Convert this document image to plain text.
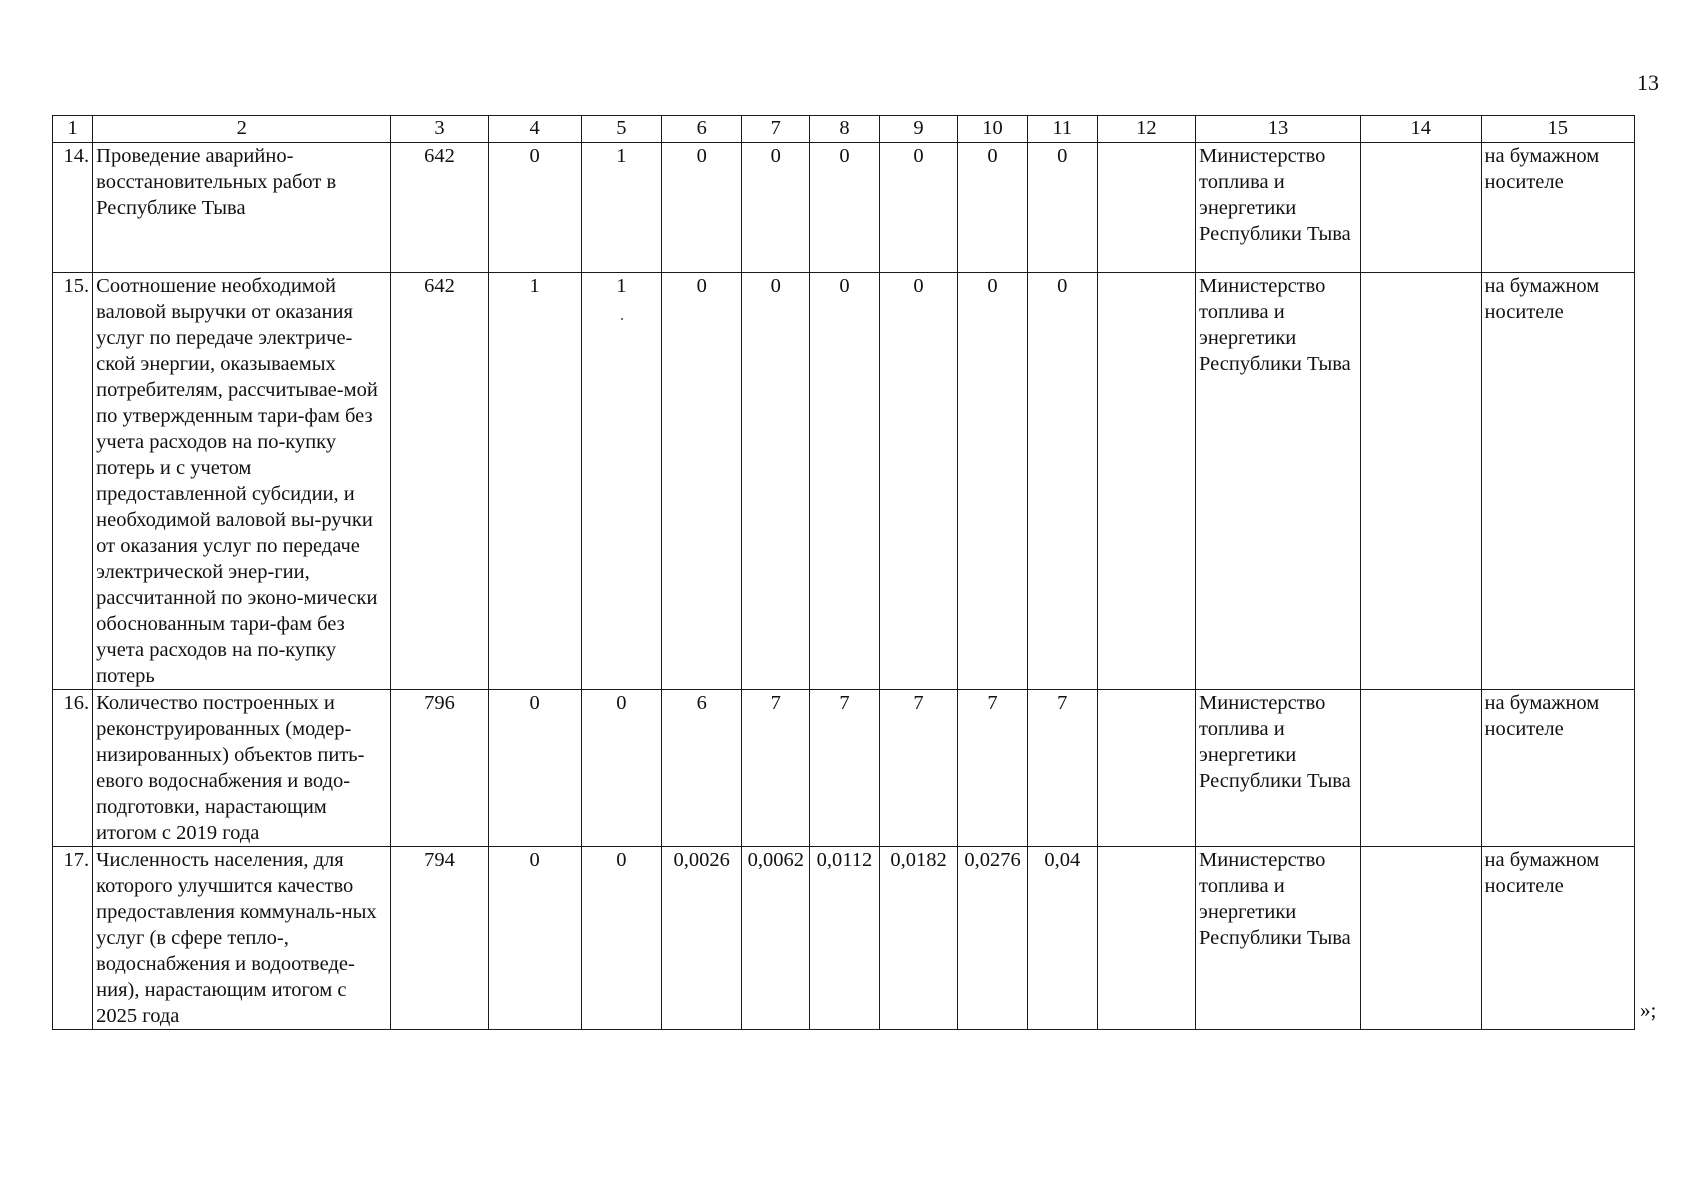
13
1	2	3	4	5	6	7	8	9	10	11	12	13	14	15
14.	Проведение аварийно-восстановительных работ в Республике Тыва	642	0	1	0	0	0	0	0	0		Министерство топлива и энергетики Республики Тыва		на бумажном носителе
15.	Соотношение необходимой валовой выручки от оказания услуг по передаче электриче-ской энергии, оказываемых потребителям, рассчитывае-мой по утвержденным тари-фам без учета расходов на по-купку потерь и с учетом предоставленной субсидии, и необходимой валовой вы-ручки от оказания услуг по передаче электрической энер-гии, рассчитанной по эконо-мически обоснованным тари-фам без учета расходов на по-купку потерь	642	1	1	0	0	0	0	0	0		Министерство топлива и энергетики Республики Тыва		на бумажном носителе
16.	Количество построенных и реконструированных (модер-низированных) объектов пить-евого водоснабжения и водо-подготовки, нарастающим итогом с 2019 года	796	0	0	6	7	7	7	7	7		Министерство топлива и энергетики Республики Тыва		на бумажном носителе
17.	Численность населения, для которого улучшится качество предоставления коммуналь-ных услуг (в сфере тепло-, водоснабжения и водоотведе-ния), нарастающим итогом с 2025 года	794	0	0	0,0026	0,0062	0,0112	0,0182	0,0276	0,04		Министерство топлива и энергетики Республики Тыва		на бумажном носителе
»;
